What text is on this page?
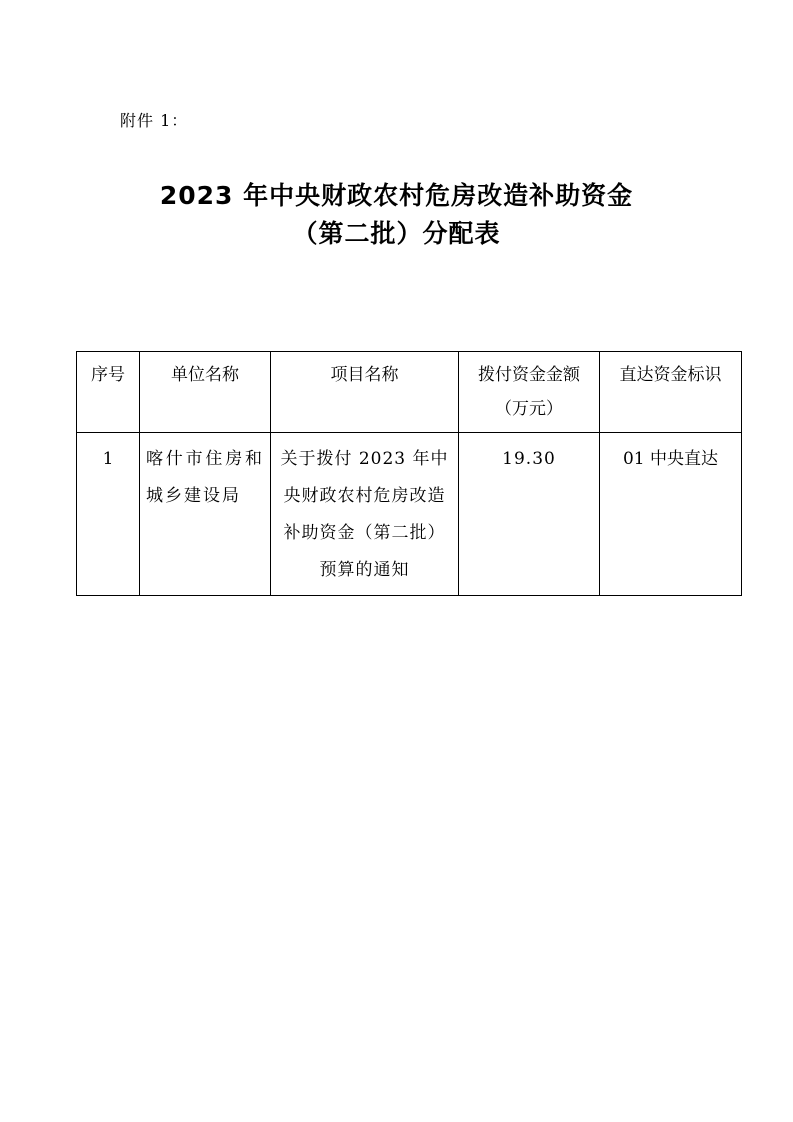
附件 1：
2023 年中央财政农村危房改造补助资金
（第二批）分配表
序号	单位名称	项目名称	拨付资金金额（万元）	直达资金标识
1	喀什市住房和城乡建设局	关于拨付 2023 年中央财政农村危房改造补助资金（第二批）预算的通知	19.30	01 中央直达
